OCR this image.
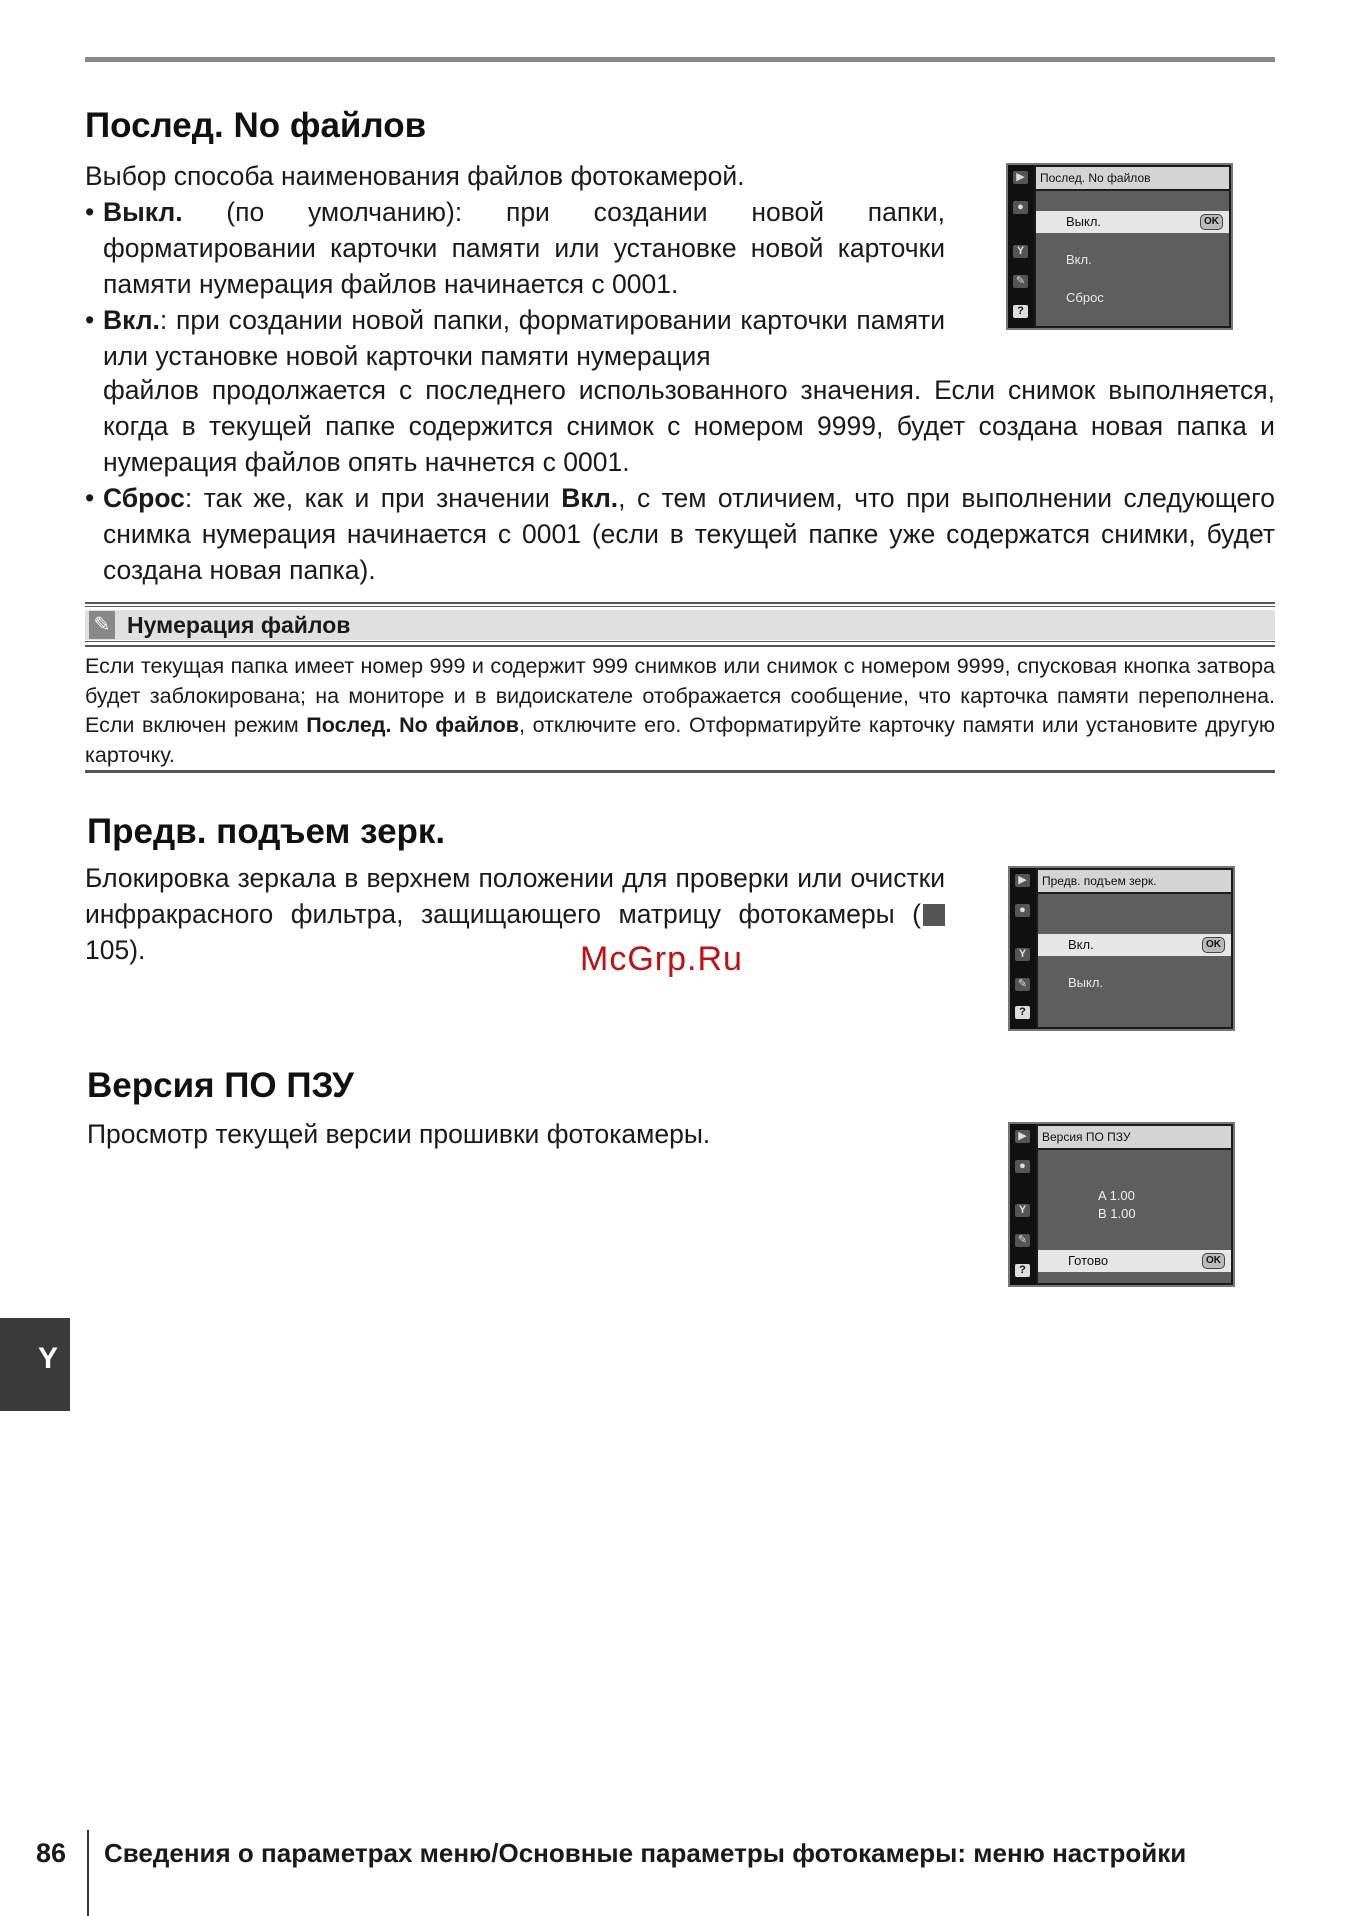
Послед. No файлов

Выбор способа наименования файлов фотокамерой.

• Выкл. (по умолчанию): при создании новой папки, форматировании карточки памяти или установке новой карточки памяти нумерация файлов начинается с 0001.
• Вкл.: при создании новой папки, форматировании карточки памяти или установке новой карточки памяти нумерация

файлов продолжается с последнего использованного значения. Если снимок выполняется, когда в текущей папке содержится снимок с номером 9999, будет создана новая папка и нумерация файлов опять начнется с 0001.

• Сброс: так же, как и при значении Вкл., с тем отличием, что при выполнении следующего снимка нумерация начинается с 0001 (если в текущей папке уже содержатся снимки, будет создана новая папка).
▶
●
Y
✎
?
Послед. No файлов
Выкл.	OK
Вкл.
Сброс
✎ Нумерация файлов

Если текущая папка имеет номер 999 и содержит 999 снимков или снимок с номером 9999, спусковая кнопка затвора будет заблокирована; на мониторе и в видоискателе отображается сообщение, что карточка памяти переполнена. Если включен режим Послед. No файлов, отключите его. Отформатируйте карточку памяти или установите другую карточку.

Предв. подъем зерк.

Блокировка зеркала в верхнем положении для проверки или очистки инфракрасного фильтра, защищающего матрицу фотокамеры ( 105).

▶
●
Y
✎
?
Предв. подъем зерк.
Вкл.	OK
Выкл.
McGrp.Ru
Версия ПО ПЗУ

Просмотр текущей версии прошивки фотокамеры.	▶
●
Y
✎
?
Версия ПО ПЗУ
A 1.00
B 1.00
Готово	OK
Y
86 Сведения о параметрах меню/Основные параметры фотокамеры: меню настройки
